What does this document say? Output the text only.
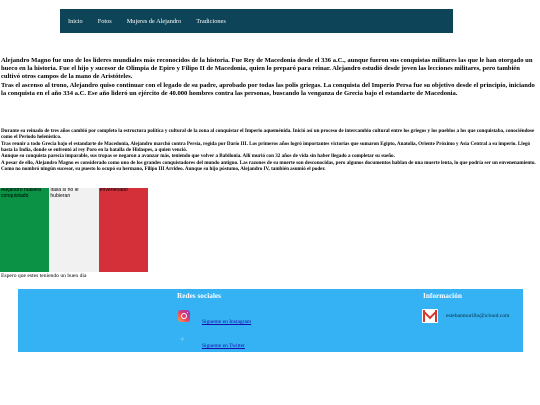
Inicio Fotos Mujeres de Alejandro Tradiciones

Alejandro Magno fue uno de los líderes mundiales más reconocidos de la historia. Fue Rey de Macedonia desde el 336 a.C., aunque fueron sus conquistas militares las que le han otorgado un hueco en la historia. Fue el hijo y sucesor de Olimpia de Epiro y Filipo II de Macedonia, quien lo preparó para reinar. Alejandro estudió desde joven las lecciones militares, pero también cultivó otros campos de la mano de Aristóteles.

Tras el ascenso al trono, Alejandro quiso continuar con el legado de su padre, aprobado por todas las polis griegas. La conquista del Imperio Persa fue su objetivo desde el principio, iniciando la conquista en el año 334 a.C. Ese año lideró un ejército de 40.000 hombres contra las personas, buscando la venganza de Grecia bajo el estandarte de Macedonia.

Durante su reinado de tres años cambió por completo la estructura política y cultural de la zona al conquistar el Imperio aqueménida. Inició así un proceso de intercambio cultural entre los griegos y los pueblos a los que conquistaba, conociéndose como el Periodo helenístico.

Tras reunir a todo Grecia bajo el estandarte de Macedonia, Alejandro marchó contra Persia, regida por Darío III. Los primeros años logró importantes victorias que sumaron Egipto, Anatolia, Oriente Próximo y Asia Central a su imperio. Llegó hasta la India, donde se enfrentó al rey Poro en la batalla de Hidaspes, a quien venció.

Aunque su conquista parecía imparable, sus tropas se negaron a avanzar más, teniendo que volver a Babilonia. Allí murió con 32 años de vida sin haber llegado a completar su sueño.

A pesar de ello, Alejandro Magno es considerado como uno de los grandes conquistadores del mundo antiguo. Las razones de su muerte son desconocidas, pero algunos documentos hablan de una muerte lenta, lo que podría ser un envenenamiento. Como no nombró ningún sucesor, su puesto lo ocupó su hermano, Filipo III Arrideo. Aunque su hijo póstumo, Alejandro IV, también asumió el poder.

Alejandro hubiera conquistado
Italia si no le hubieran
envenenado
Espero que estes teniendo un buen dia
Redes sociales
Sigueme en Instagram
✦
Sigueme en Twitter
Información
estebanmurillo@icloud.com
